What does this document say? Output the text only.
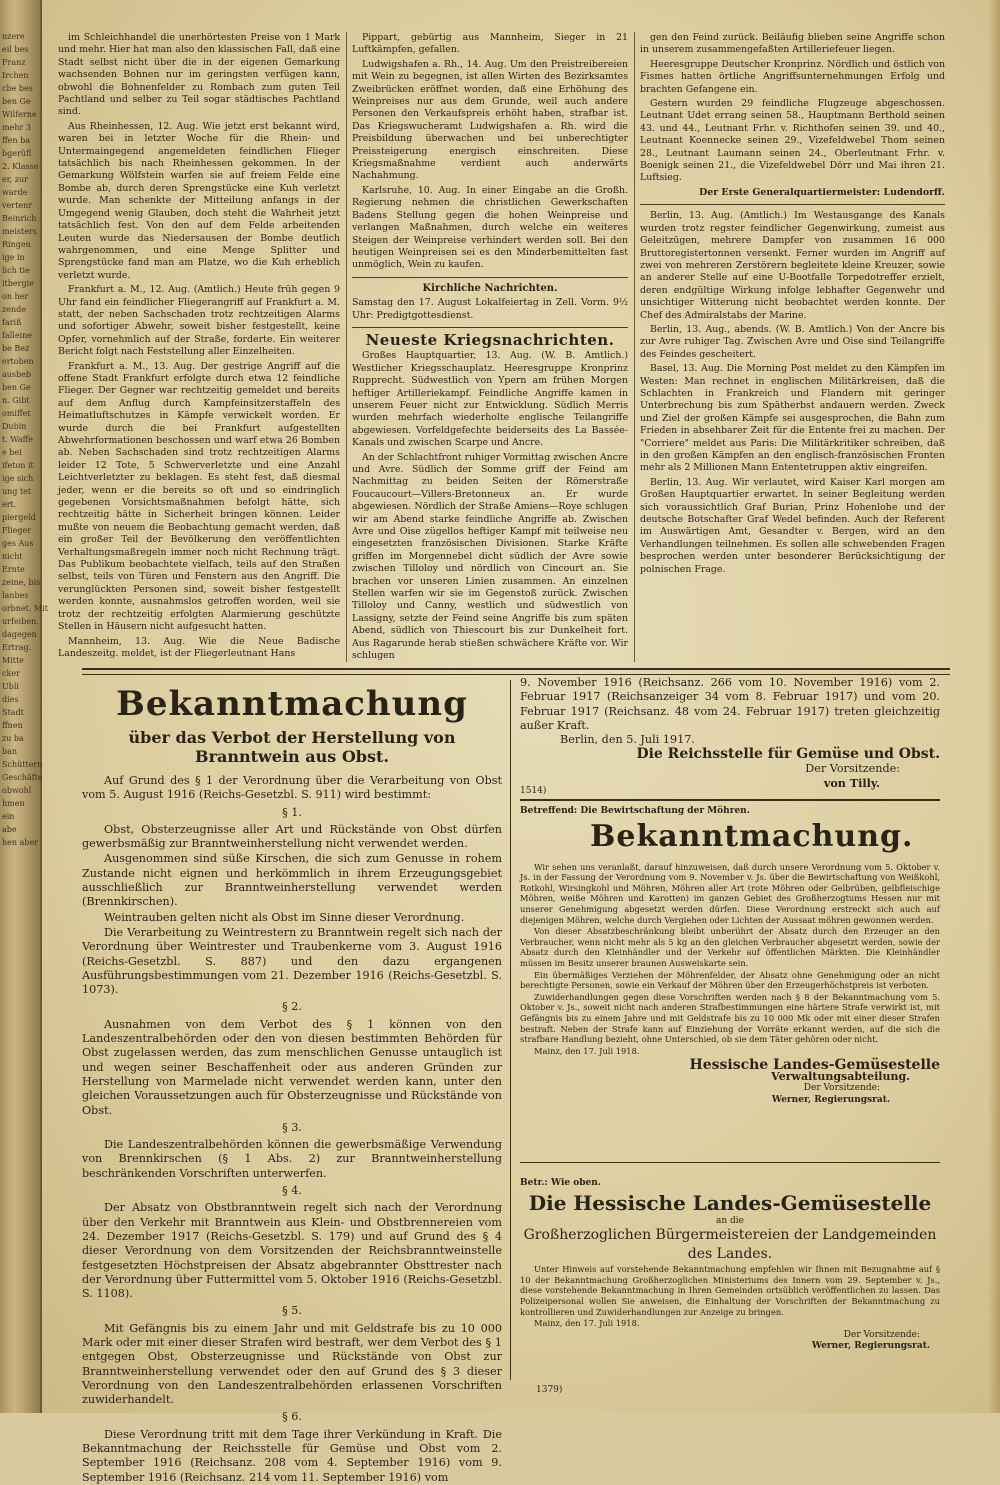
nzere
eil bes
Franz
Irchen
cbe bes
ben Ge
Wilferne
mehr 3
ffen ba
bgerüfl
2. Klasse
er, zur
warde
vertenr
Beinrich
meisters
Ringen
ige in
lich tie
itbergie
on her
zende
fariß
falleine
be Bez
ertoben
ausbeb
ben Ge
n. Gibt
omiffet
Dubin
t. Waffe
e bei
ifeton it
ige sich
ung tet
ert.
piergeld
Flieger
ges Aus
nicht
Ernte
zeine, bis
lanbes
orbnet. Mit
urfeiben.
dagegen
Ertrag.
Mitte
cker
Ubli
dies
Stadt
ffnen
zu ba
ban
Schüttern
Geschäfte
obwohl
hmen
ein
abe
hen aber

im Schleichhandel die unerhörtesten Preise von 1 Mark und mehr. Hier hat man also den klassischen Fall, daß eine Stadt selbst nicht über die in der eigenen Gemarkung wachsenden Bohnen nur im geringsten verfügen kann, obwohl die Bohnenfelder zu Rombach zum guten Teil Pachtland und selber zu Teil sogar städtisches Pachtland sind.

Aus Rheinhessen, 12. Aug. Wie jetzt erst bekannt wird, waren bei in letzter Woche für die Rhein- und Untermaingegend angemeldeten feindlichen Flieger tatsächlich bis nach Rheinhessen gekommen. In der Gemarkung Wölfstein warfen sie auf freiem Felde eine Bombe ab, durch deren Sprengstücke eine Kuh verletzt wurde. Man schenkte der Mitteilung anfangs in der Umgegend wenig Glauben, doch steht die Wahrheit jetzt tatsächlich fest. Von den auf dem Felde arbeitenden Leuten wurde das Niedersausen der Bombe deutlich wahrgenommen, und eine Menge Splitter und Sprengstücke fand man am Platze, wo die Kuh erheblich verletzt wurde.

Frankfurt a. M., 12. Aug. (Amtlich.) Heute früh gegen 9 Uhr fand ein feindlicher Fliegerangriff auf Frankfurt a. M. statt, der neben Sachschaden trotz rechtzeitigen Alarms und sofortiger Abwehr, soweit bisher festgestellt, keine Opfer, vornehmlich auf der Straße, forderte. Ein weiterer Bericht folgt nach Feststellung aller Einzelheiten.

Frankfurt a. M., 13. Aug. Der gestrige Angriff auf die offene Stadt Frankfurt erfolgte durch etwa 12 feindliche Flieger. Der Gegner war rechtzeitig gemeldet und bereits auf dem Anflug durch Kampfeinsitzerstaffeln des Heimatluftschutzes in Kämpfe verwickelt worden. Er wurde durch die bei Frankfurt aufgestellten Abwehrformationen beschossen und warf etwa 26 Bomben ab. Neben Sachschaden sind trotz rechtzeitigen Alarms leider 12 Tote, 5 Schwerverletzte und eine Anzahl Leichtverletzter zu beklagen. Es steht fest, daß diesmal jeder, wenn er die bereits so oft und so eindringlich gegebenen Vorsichtsmaßnahmen befolgt hätte, sich rechtzeitig hätte in Sicherheit bringen können. Leider mußte von neuem die Beobachtung gemacht werden, daß ein großer Teil der Bevölkerung den veröffentlichten Verhaltungsmaßregeln immer noch nicht Rechnung trägt. Das Publikum beobachtete vielfach, teils auf den Straßen selbst, teils von Türen und Fenstern aus den Angriff. Die verunglückten Personen sind, soweit bisher festgestellt werden konnte, ausnahmslos getroffen worden, weil sie trotz der rechtzeitig erfolgten Alarmierung geschützte Stellen in Häusern nicht aufgesucht hatten.

Mannheim, 13. Aug. Wie die Neue Badische Landeszeitg. meldet, ist der Fliegerleutnant Hans

Pippart, gebürtig aus Mannheim, Sieger in 21 Luftkämpfen, gefallen.

Ludwigshafen a. Rh., 14. Aug. Um den Preistreibereien mit Wein zu begegnen, ist allen Wirten des Bezirksamtes Zweibrücken eröffnet worden, daß eine Erhöhung des Weinpreises nur aus dem Grunde, weil auch andere Personen den Verkaufspreis erhöht haben, strafbar ist. Das Kriegswucheramt Ludwigshafen a. Rh. wird die Preisbildung überwachen und bei unberechtigter Preissteigerung energisch einschreiten. Diese Kriegsmaßnahme verdient auch anderwärts Nachahmung.

Karlsruhe, 10. Aug. In einer Eingabe an die Großh. Regierung nehmen die christlichen Gewerkschaften Badens Stellung gegen die hohen Weinpreise und verlangen Maßnahmen, durch welche ein weiteres Steigen der Weinpreise verhindert werden soll. Bei den heutigen Weinpreisen sei es den Minderbemittelten fast unmöglich, Wein zu kaufen.

Kirchliche Nachrichten.

Samstag den 17. August Lokalfeiertag in Zell. Vorm. 9½ Uhr: Predigtgottesdienst.

Neueste Kriegsnachrichten.

Großes Hauptquartier, 13. Aug. (W. B. Amtlich.) Westlicher Kriegsschauplatz. Heeresgruppe Kronprinz Rupprecht. Südwestlich von Ypern am frühen Morgen heftiger Artilleriekampf. Feindliche Angriffe kamen in unserem Feuer nicht zur Entwicklung. Südlich Merris wurden mehrfach wiederholte englische Teilangriffe abgewiesen. Vorfeldgefechte beiderseits des La Bassée-Kanals und zwischen Scarpe und Ancre.

An der Schlachtfront ruhiger Vormittag zwischen Ancre und Avre. Südlich der Somme griff der Feind am Nachmittag zu beiden Seiten der Römerstraße Foucaucourt—Villers-Bretonneux an. Er wurde abgewiesen. Nördlich der Straße Amiens—Roye schlugen wir am Abend starke feindliche Angriffe ab. Zwischen Avre und Oise zügellos heftiger Kampf mit teilweise neu eingesetzten französischen Divisionen. Starke Kräfte griffen im Morgennebel dicht südlich der Avre sowie zwischen Tilloloy und nördlich von Cincourt an. Sie brachen vor unseren Linien zusammen. An einzelnen Stellen warfen wir sie im Gegenstoß zurück. Zwischen Tilloloy und Canny, westlich und südwestlich von Lassigny, setzte der Feind seine Angriffe bis zum späten Abend, südlich von Thiescourt bis zur Dunkelheit fort. Aus Ragarunde herab stießen schwächere Kräfte vor. Wir schlugen

gen den Feind zurück. Beiläufig blieben seine Angriffe schon in unserem zusammengefaßten Artilleriefeuer liegen.

Heeresgruppe Deutscher Kronprinz. Nördlich und östlich von Fismes hatten örtliche Angriffsunternehmungen Erfolg und brachten Gefangene ein.

Gestern wurden 29 feindliche Flugzeuge abgeschossen. Leutnant Udet errang seinen 58., Hauptmann Berthold seinen 43. und 44., Leutnant Frhr. v. Richthofen seinen 39. und 40., Leutnant Koennecke seinen 29., Vizefeldwebel Thom seinen 28., Leutnant Laumann seinen 24., Oberleutnant Frhr. v. Boenigk seinen 21., die Vizefeldwebel Dörr und Mai ihren 21. Luftsieg.

Der Erste Generalquartiermeister: Ludendorff.

Berlin, 13. Aug. (Amtlich.) Im Westausgange des Kanals wurden trotz regster feindlicher Gegenwirkung, zumeist aus Geleitzügen, mehrere Dampfer von zusammen 16 000 Bruttoregistertonnen versenkt. Ferner wurden im Angriff auf zwei von mehreren Zerstörern begleitete kleine Kreuzer, sowie an anderer Stelle auf eine U-Bootfalle Torpedotreffer erzielt, deren endgültige Wirkung infolge lebhafter Gegenwehr und unsichtiger Witterung nicht beobachtet werden konnte. Der Chef des Admiralstabs der Marine.

Berlin, 13. Aug., abends. (W. B. Amtlich.) Von der Ancre bis zur Avre ruhiger Tag. Zwischen Avre und Oise sind Teilangriffe des Feindes gescheitert.

Basel, 13. Aug. Die Morning Post meldet zu den Kämpfen im Westen: Man rechnet in englischen Militärkreisen, daß die Schlachten in Frankreich und Flandern mit geringer Unterbrechung bis zum Spätherbst andauern werden. Zweck und Ziel der großen Kämpfe sei ausgesprochen, die Bahn zum Frieden in absehbarer Zeit für die Entente frei zu machen. Der "Corriere" meldet aus Paris: Die Militärkritiker schreiben, daß in den großen Kämpfen an den englisch-französischen Fronten mehr als 2 Millionen Mann Ententetruppen aktiv eingreifen.

Berlin, 13. Aug. Wir verlautet, wird Kaiser Karl morgen am Großen Hauptquartier erwartet. In seiner Begleitung werden sich voraussichtlich Graf Burian, Prinz Hohenlohe und der deutsche Botschafter Graf Wedel befinden. Auch der Referent im Auswärtigen Amt, Gesandter v. Bergen, wird an den Verhandlungen teilnehmen. Es sollen alle schwebenden Fragen besprochen werden unter besonderer Berücksichtigung der polnischen Frage.

Bekanntmachung
über das Verbot der Herstellung von Branntwein aus Obst.

Auf Grund des § 1 der Verordnung über die Verarbeitung von Obst vom 5. August 1916 (Reichs-Gesetzbl. S. 911) wird bestimmt:

§ 1.

Obst, Obsterzeugnisse aller Art und Rückstände von Obst dürfen gewerbsmäßig zur Branntweinherstellung nicht verwendet werden.

Ausgenommen sind süße Kirschen, die sich zum Genusse in rohem Zustande nicht eignen und herkömmlich in ihrem Erzeugungsgebiet ausschließlich zur Branntweinherstellung verwendet werden (Brennkirschen).

Weintrauben gelten nicht als Obst im Sinne dieser Verordnung.

Die Verarbeitung zu Weintrestern zu Branntwein regelt sich nach der Verordnung über Weintrester und Traubenkerne vom 3. August 1916 (Reichs-Gesetzbl. S. 887) und den dazu ergangenen Ausführungsbestimmungen vom 21. Dezember 1916 (Reichs-Gesetzbl. S. 1073).

§ 2.

Ausnahmen von dem Verbot des § 1 können von den Landeszentralbehörden oder den von diesen bestimmten Behörden für Obst zugelassen werden, das zum menschlichen Genusse untauglich ist und wegen seiner Beschaffenheit oder aus anderen Gründen zur Herstellung von Marmelade nicht verwendet werden kann, unter den gleichen Voraussetzungen auch für Obsterzeugnisse und Rückstände von Obst.

§ 3.

Die Landeszentralbehörden können die gewerbsmäßige Verwendung von Brennkirschen (§ 1 Abs. 2) zur Branntweinherstellung beschränkenden Vorschriften unterwerfen.

§ 4.

Der Absatz von Obstbranntwein regelt sich nach der Verordnung über den Verkehr mit Branntwein aus Klein- und Obstbrennereien vom 24. Dezember 1917 (Reichs-Gesetzbl. S. 179) und auf Grund des § 4 dieser Verordnung von dem Vorsitzenden der Reichsbranntweinstelle festgesetzten Höchstpreisen der Absatz abgebrannter Obsttrester nach der Verordnung über Futtermittel vom 5. Oktober 1916 (Reichs-Gesetzbl. S. 1108).

§ 5.

Mit Gefängnis bis zu einem Jahr und mit Geldstrafe bis zu 10 000 Mark oder mit einer dieser Strafen wird bestraft, wer dem Verbot des § 1 entgegen Obst, Obsterzeugnisse und Rückstände von Obst zur Branntweinherstellung verwendet oder den auf Grund des § 3 dieser Verordnung von den Landeszentralbehörden erlassenen Vorschriften zuwiderhandelt.

§ 6.

Diese Verordnung tritt mit dem Tage ihrer Verkündung in Kraft. Die Bekanntmachung der Reichsstelle für Gemüse und Obst vom 2. September 1916 (Reichsanz. 208 vom 4. September 1916) vom 9. September 1916 (Reichsanz. 214 vom 11. September 1916) vom

9. November 1916 (Reichsanz. 266 vom 10. November 1916) vom 2. Februar 1917 (Reichsanzeiger 34 vom 8. Februar 1917) und vom 20. Februar 1917 (Reichsanz. 48 vom 24. Februar 1917) treten gleichzeitig außer Kraft.

Berlin, den 5. Juli 1917.

Die Reichsstelle für Gemüse und Obst.

Der Vorsitzende:

von Tilly.

1514)

Betreffend: Die Bewirtschaftung der Möhren.

Bekanntmachung.

Wir sehen uns veranlaßt, darauf hinzuweisen, daß durch unsere Verordnung vom 5. Oktober v. Js. in der Fassung der Verordnung vom 9. November v. Js. über die Bewirtschaftung von Weißkohl, Rotkohl, Wirsingkohl und Möhren, Möhren aller Art (rote Möhren oder Gelbrüben, gelbfleischige Möhren, weiße Möhren und Karotten) im ganzen Gebiet des Großherzogtums Hessen nur mit unserer Genehmigung abgesetzt werden dürfen. Diese Verordnung erstreckt sich auch auf diejenigen Möhren, welche durch Vergiehen oder Lichten der Aussaat möhren gewonnen werden.

Von dieser Absatzbeschränkung bleibt unberührt der Absatz durch den Erzeuger an den Verbraucher, wenn nicht mehr als 5 kg an den gleichen Verbraucher abgesetzt werden, sowie der Absatz durch den Kleinhändler und der Verkehr auf öffentlichen Märkten. Die Kleinhändler müssen im Besitz unserer braunen Ausweiskarte sein.

Ein übermäßiges Verziehen der Möhrenfelder, der Absatz ohne Genehmigung oder an nicht berechtigte Personen, sowie ein Verkauf der Möhren über den Erzeugerhöchstpreis ist verboten.

Zuwiderhandlungen gegen diese Vorschriften werden nach § 8 der Bekanntmachung vom 5. Oktober v. Js., soweit nicht nach anderen Strafbestimmungen eine härtere Strafe verwirkt ist, mit Gefängnis bis zu einem Jahre und mit Geldstrafe bis zu 10 000 Mk oder mit einer dieser Strafen bestraft. Neben der Strafe kann auf Einziehung der Vorräte erkannt werden, auf die sich die strafbare Handlung bezieht, ohne Unterschied, ob sie dem Täter gehören oder nicht.

Mainz, den 17. Juli 1918.

Hessische Landes-Gemüsestelle

Verwaltungsabteilung.

Der Vorsitzende:

Werner, Regierungsrat.

Betr.: Wie oben.

Die Hessische Landes-Gemüsestelle

an die

Großherzoglichen Bürgermeistereien der Landgemeinden

des Landes.

Unter Hinweis auf vorstehende Bekanntmachung empfehlen wir Ihnen mit Bezugnahme auf § 10 der Bekanntmachung Großherzoglichen Ministeriums des Innern vom 29. September v. Js., diese vorstehende Bekanntmachung in Ihren Gemeinden ortsüblich veröffentlichen zu lassen. Das Polizeipersonal wollen Sie anweisen, die Einhaltung der Vorschriften der Bekanntmachung zu kontrollieren und Zuwiderhandlungen zur Anzeige zu bringen.

Mainz, den 17. Juli 1918.

Der Vorsitzende:

Werner, Regierungsrat.

1379)
